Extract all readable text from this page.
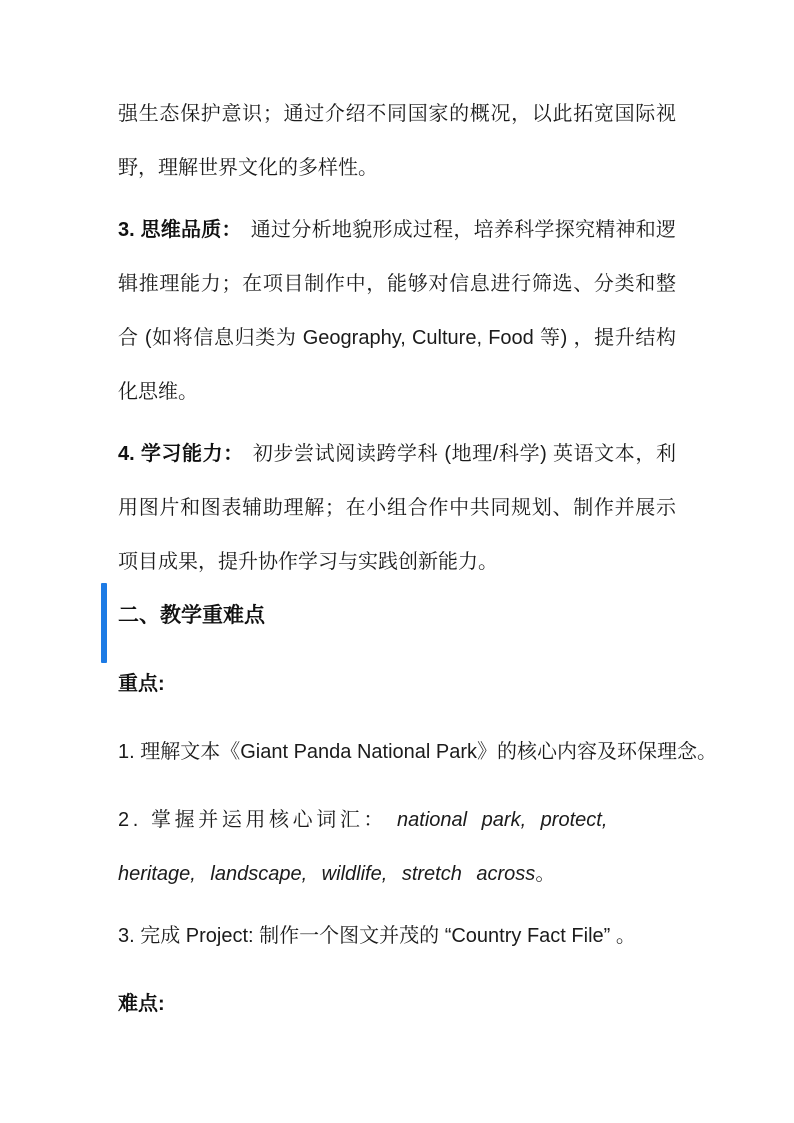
强生态保护意识；通过介绍不同国家的概况，以此拓宽国际视野，理解世界文化的多样性。

3. 思维品质： 通过分析地貌形成过程，培养科学探究精神和逻辑推理能力；在项目制作中，能够对信息进行筛选、分类和整合 (如将信息归类为 Geography, Culture, Food 等) ，提升结构化思维。

4. 学习能力： 初步尝试阅读跨学科 (地理/科学) 英语文本，利用图片和图表辅助理解；在小组合作中共同规划、制作并展示项目成果，提升协作学习与实践创新能力。

二、教学重难点

重点:

1. 理解文本《Giant Panda National Park》的核心内容及环保理念。

2. 掌握并运用核心词汇： national park, protect, heritage, landscape, wildlife, stretch across。

3. 完成 Project: 制作一个图文并茂的 “Country Fact File” 。

难点:
